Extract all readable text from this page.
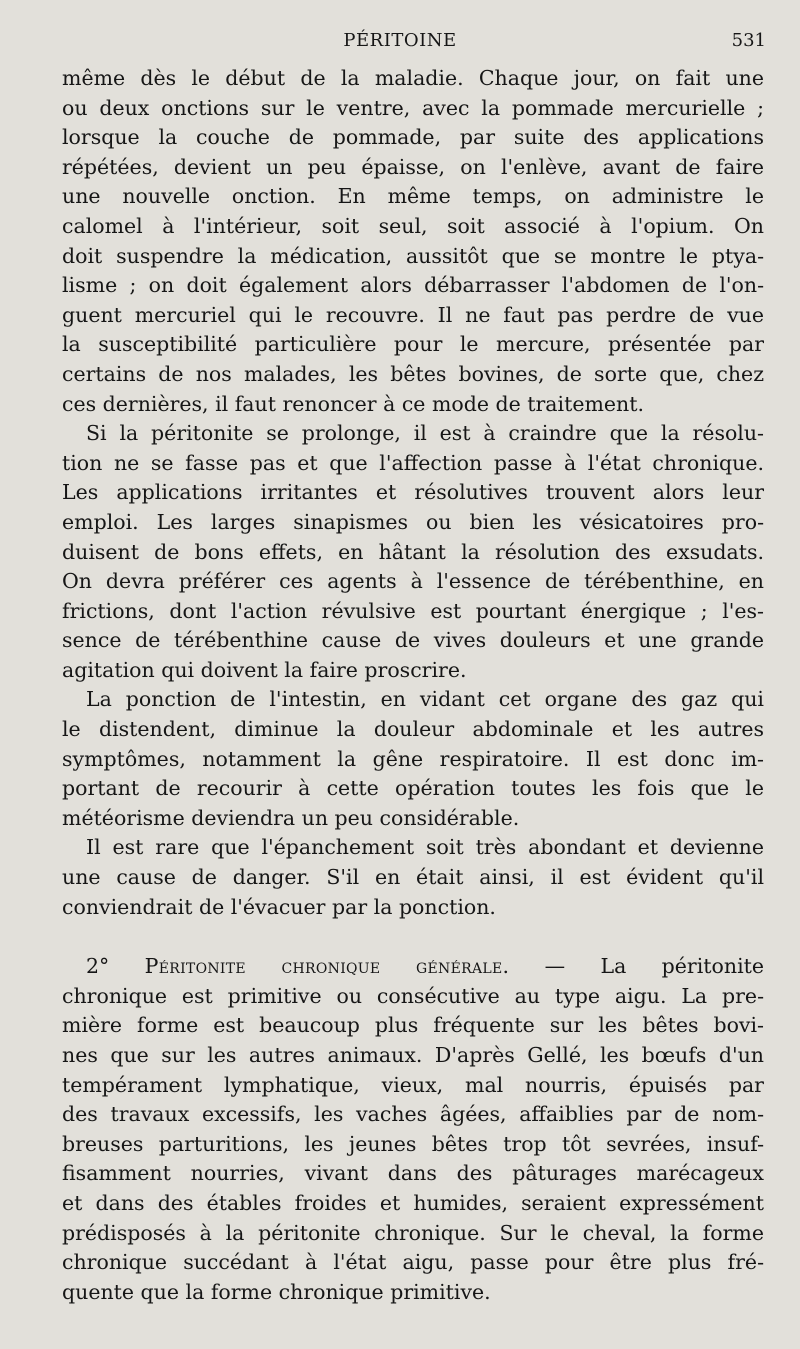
PÉRITOINE	531
même dès le début de la maladie. Chaque jour, on fait une
ou deux onctions sur le ventre, avec la pommade mercurielle ;
lorsque la couche de pommade, par suite des applications
répétées, devient un peu épaisse, on l'enlève, avant de faire
une nouvelle onction. En même temps, on administre le
calomel à l'intérieur, soit seul, soit associé à l'opium. On
doit suspendre la médication, aussitôt que se montre le ptya-
lisme ; on doit également alors débarrasser l'abdomen de l'on-
guent mercuriel qui le recouvre. Il ne faut pas perdre de vue
la susceptibilité particulière pour le mercure, présentée par
certains de nos malades, les bêtes bovines, de sorte que, chez
ces dernières, il faut renoncer à ce mode de traitement.
Si la péritonite se prolonge, il est à craindre que la résolu-
tion ne se fasse pas et que l'affection passe à l'état chronique.
Les applications irritantes et résolutives trouvent alors leur
emploi. Les larges sinapismes ou bien les vésicatoires pro-
duisent de bons effets, en hâtant la résolution des exsudats.
On devra préférer ces agents à l'essence de térébenthine, en
frictions, dont l'action révulsive est pourtant énergique ; l'es-
sence de térébenthine cause de vives douleurs et une grande
agitation qui doivent la faire proscrire.
La ponction de l'intestin, en vidant cet organe des gaz qui
le distendent, diminue la douleur abdominale et les autres
symptômes, notamment la gêne respiratoire. Il est donc im-
portant de recourir à cette opération toutes les fois que le
météorisme deviendra un peu considérable.
Il est rare que l'épanchement soit très abondant et devienne
une cause de danger. S'il en était ainsi, il est évident qu'il
conviendrait de l'évacuer par la ponction.
2° Péritonite chronique générale. — La péritonite
chronique est primitive ou consécutive au type aigu. La pre-
mière forme est beaucoup plus fréquente sur les bêtes bovi-
nes que sur les autres animaux. D'après Gellé, les bœufs d'un
tempérament lymphatique, vieux, mal nourris, épuisés par
des travaux excessifs, les vaches âgées, affaiblies par de nom-
breuses parturitions, les jeunes bêtes trop tôt sevrées, insuf-
fisamment nourries, vivant dans des pâturages marécageux
et dans des étables froides et humides, seraient expressément
prédisposés à la péritonite chronique. Sur le cheval, la forme
chronique succédant à l'état aigu, passe pour être plus fré-
quente que la forme chronique primitive.
